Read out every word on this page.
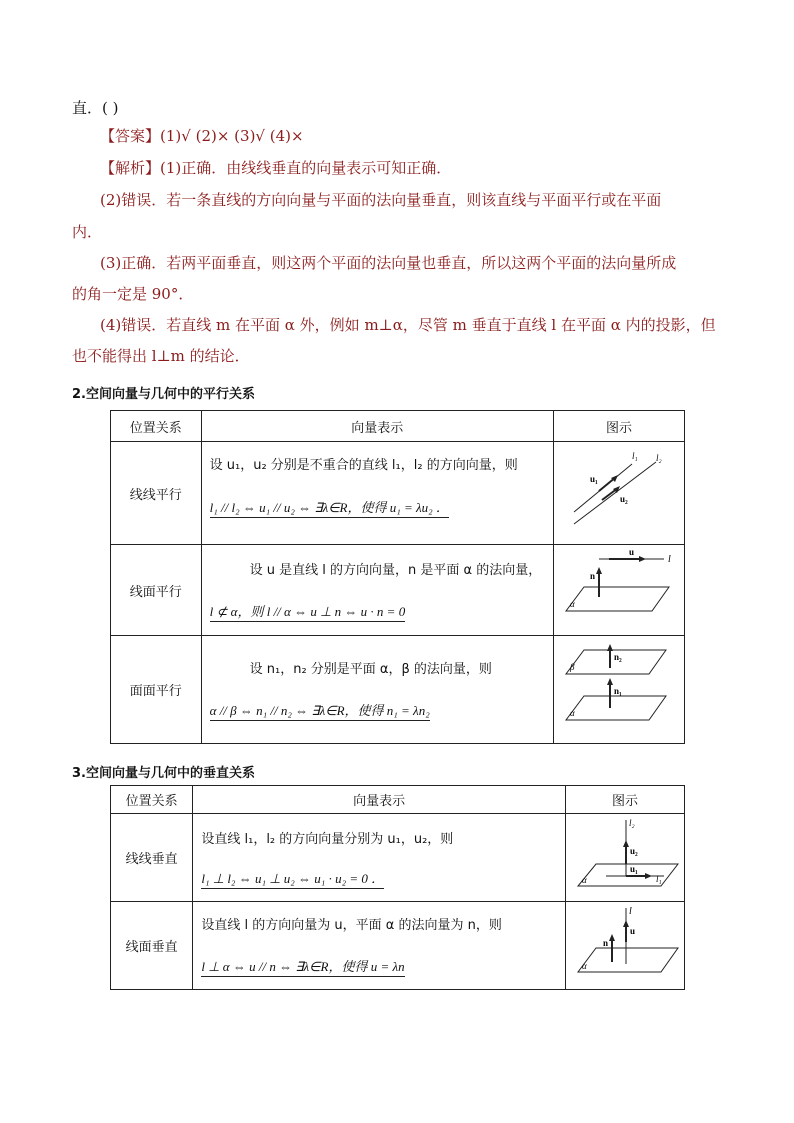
直．( )
【答案】(1)√ (2)× (3)√ (4)×
【解析】(1)正确．由线线垂直的向量表示可知正确．
(2)错误．若一条直线的方向向量与平面的法向量垂直，则该直线与平面平行或在平面
内．
(3)正确．若两平面垂直，则这两个平面的法向量也垂直，所以这两个平面的法向量所成
的角一定是 90°．
(4)错误．若直线 m 在平面 α 外，例如 m⊥α，尽管 m 垂直于直线 l 在平面 α 内的投影，但
也不能得出 l⊥m 的结论．
2.空间向量与几何中的平行关系
位置关系	向量表示	图示
线线平行	设 u₁，u₂ 分别是不重合的直线 l₁，l₂ 的方向向量，则
l₁ // l₂ ⇔ u₁ // u₂ ⇔ ∃λ∈R，使得 u₁ = λu₂ ．	l₁ l₂
u₁
u₂

线面平行	设 u 是直线 l 的方向向量，n 是平面 α 的法向量，
l ⊄ α，则 l // α ⇔ u ⊥ n ⇔ u · n = 0	u
l
n
α

面面平行	设 n₁，n₂ 分别是平面 α，β 的法向量，则
α // β ⇔ n₁ // n₂ ⇔ ∃λ∈R，使得 n₁ = λn₂	n₂
n₁
β
α
3.空间向量与几何中的垂直关系
位置关系	向量表示	图示
线线垂直	设直线 l₁，l₂ 的方向向量分别为 u₁，u₂，则
l₁ ⊥ l₂ ⇔ u₁ ⊥ u₂ ⇔ u₁ · u₂ = 0 ．	l₂
u₂
u₁
l₁
α

线面垂直	设直线 l 的方向向量为 u，平面 α 的法向量为 n，则
l ⊥ α ⇔ u // n ⇔ ∃λ∈R，使得 u = λn	l
u
n
α
